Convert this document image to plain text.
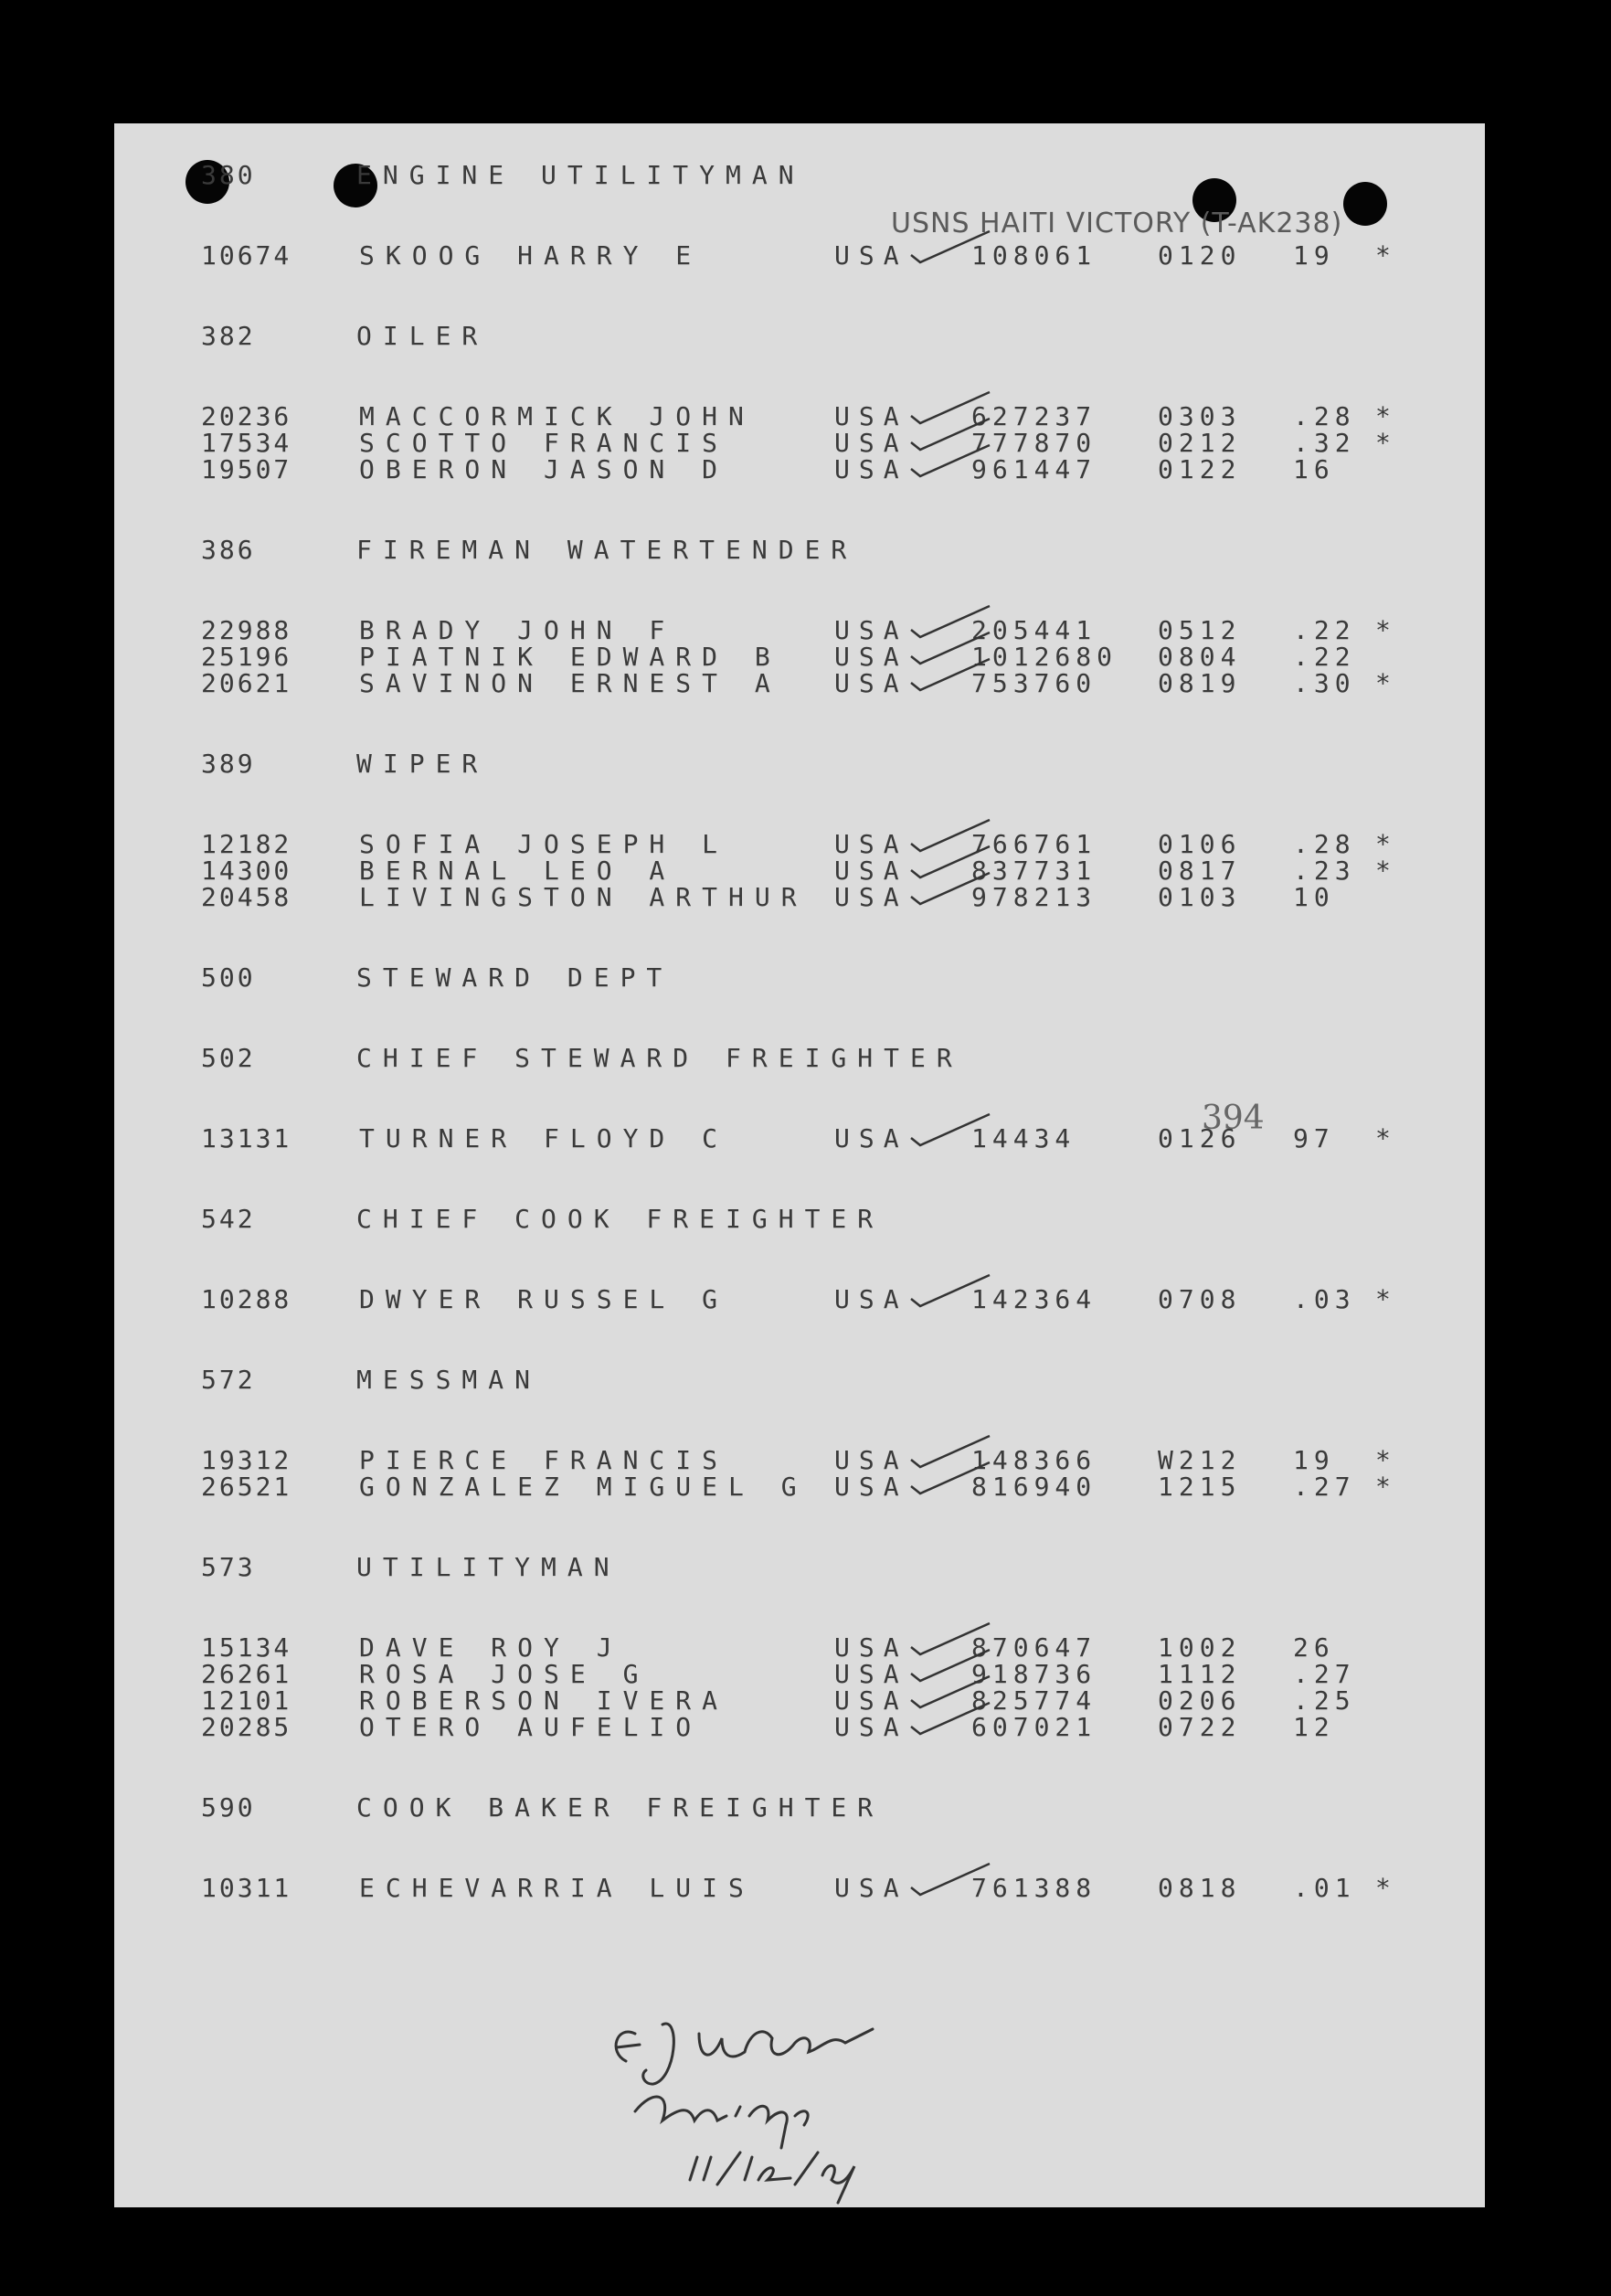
USNS HAITI VICTORY (T-AK238)
394
380	ENGINE UTILITYMAN
10674	SKOOG HARRY E	USA 108061 0120 19 *
382	OILER
20236	MACCORMICK JOHN	USA 627237 0303 .28 *
17534	SCOTTO FRANCIS	USA 777870 0212 .32 *
19507	OBERON JASON D	USA 961447 0122 16
386	FIREMAN WATERTENDER
22988	BRADY JOHN F	USA 205441 0512 .22 *
25196	PIATNIK EDWARD B USA 1012680 0804 .22
20621	SAVINON ERNEST A USA 753760 0819 .30 *
389	WIPER
12182	SOFIA JOSEPH L	USA 766761 0106 .28 *
14300	BERNAL LEO A	USA 837731 0817 .23 *
20458	LIVINGSTON ARTHUR USA 978213 0103 10
500	STEWARD DEPT
502	CHIEF STEWARD FREIGHTER
13131	TURNER FLOYD C	USA 14434	0126 97 *
542	CHIEF COOK FREIGHTER
10288	DWYER RUSSEL G	USA 142364 0708 .03 *
572	MESSMAN
19312	PIERCE FRANCIS	USA 148366 W212 19 *
26521	GONZALEZ MIGUEL G USA 816940 1215 .27 *
573	UTILITYMAN
15134	DAVE ROY J	USA 870647 1002 26
26261	ROSA JOSE G	USA 918736 1112 .27
12101	ROBERSON IVERA	USA 825774 0206 .25
20285	OTERO AUFELIO	USA 607021 0722 12
590	COOK BAKER FREIGHTER
10311	ECHEVARRIA LUIS	USA 761388 0818 .01 *
